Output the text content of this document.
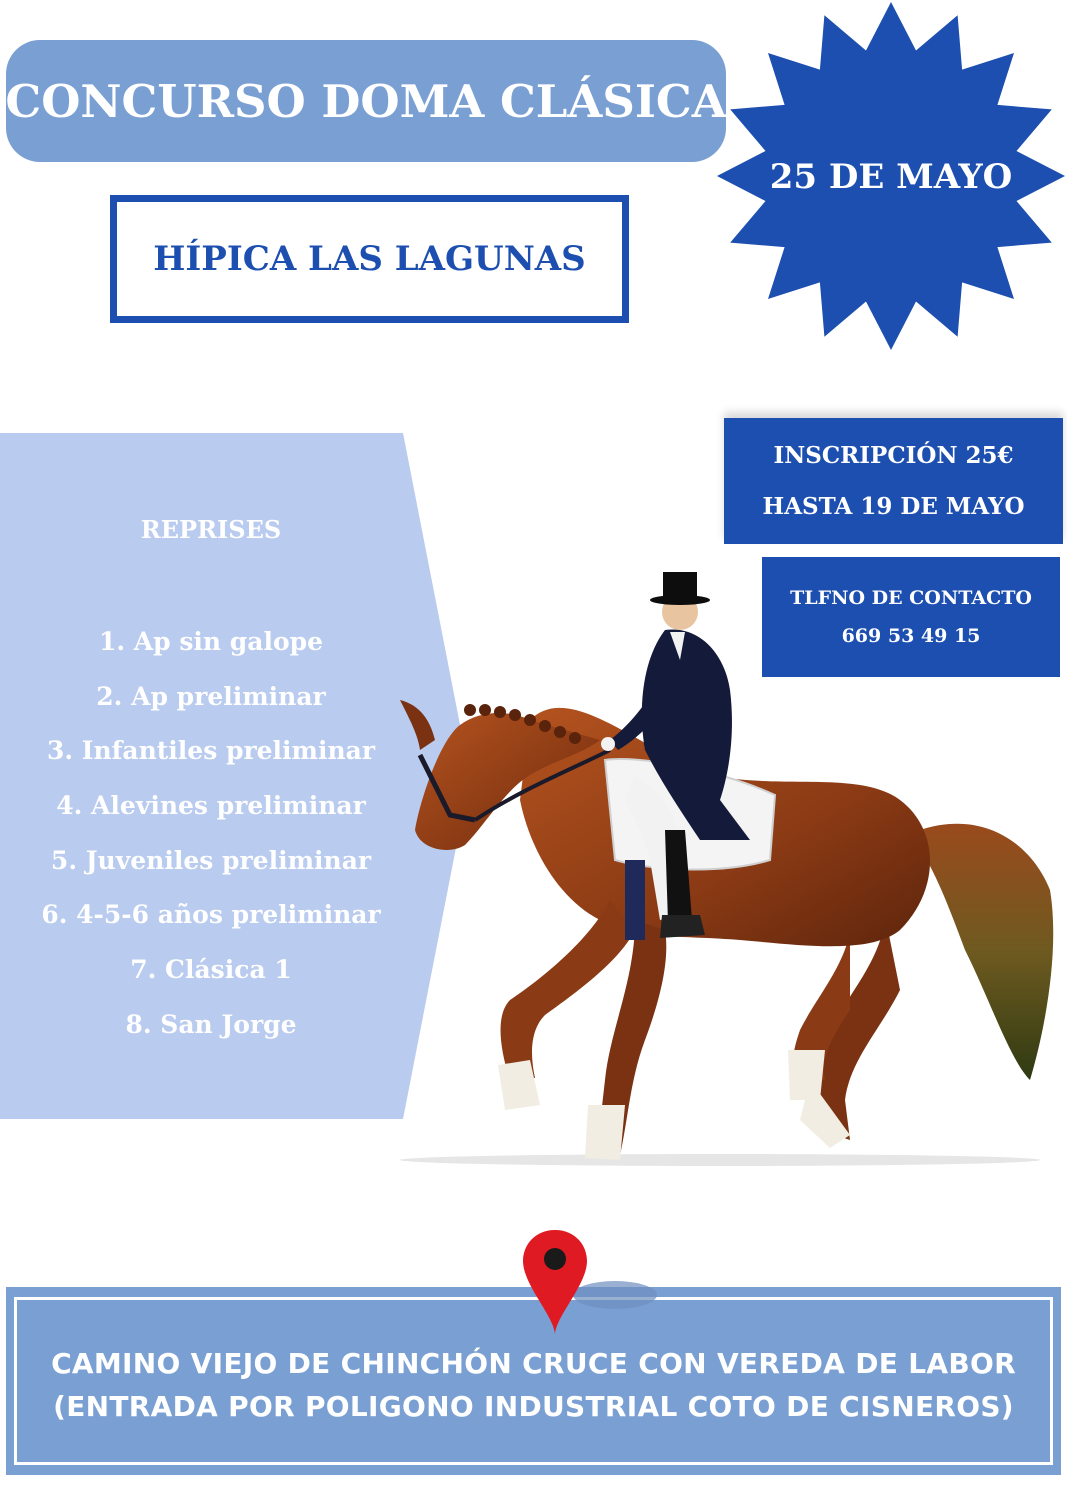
CONCURSO DOMA CLÁSICA
HÍPICA LAS LAGUNAS
25 DE MAYO
REPRISES
1. Ap sin galope
2. Ap preliminar
3. Infantiles preliminar
4. Alevines preliminar
5. Juveniles preliminar
6. 4-5-6 años preliminar
7. Clásica 1
8. San Jorge
INSCRIPCIÓN 25€
HASTA 19 DE MAYO
TLFNO DE CONTACTO
669 53 49 15
CAMINO VIEJO DE CHINCHÓN CRUCE CON VEREDA DE LABOR
(ENTRADA POR POLIGONO INDUSTRIAL COTO DE CISNEROS)
